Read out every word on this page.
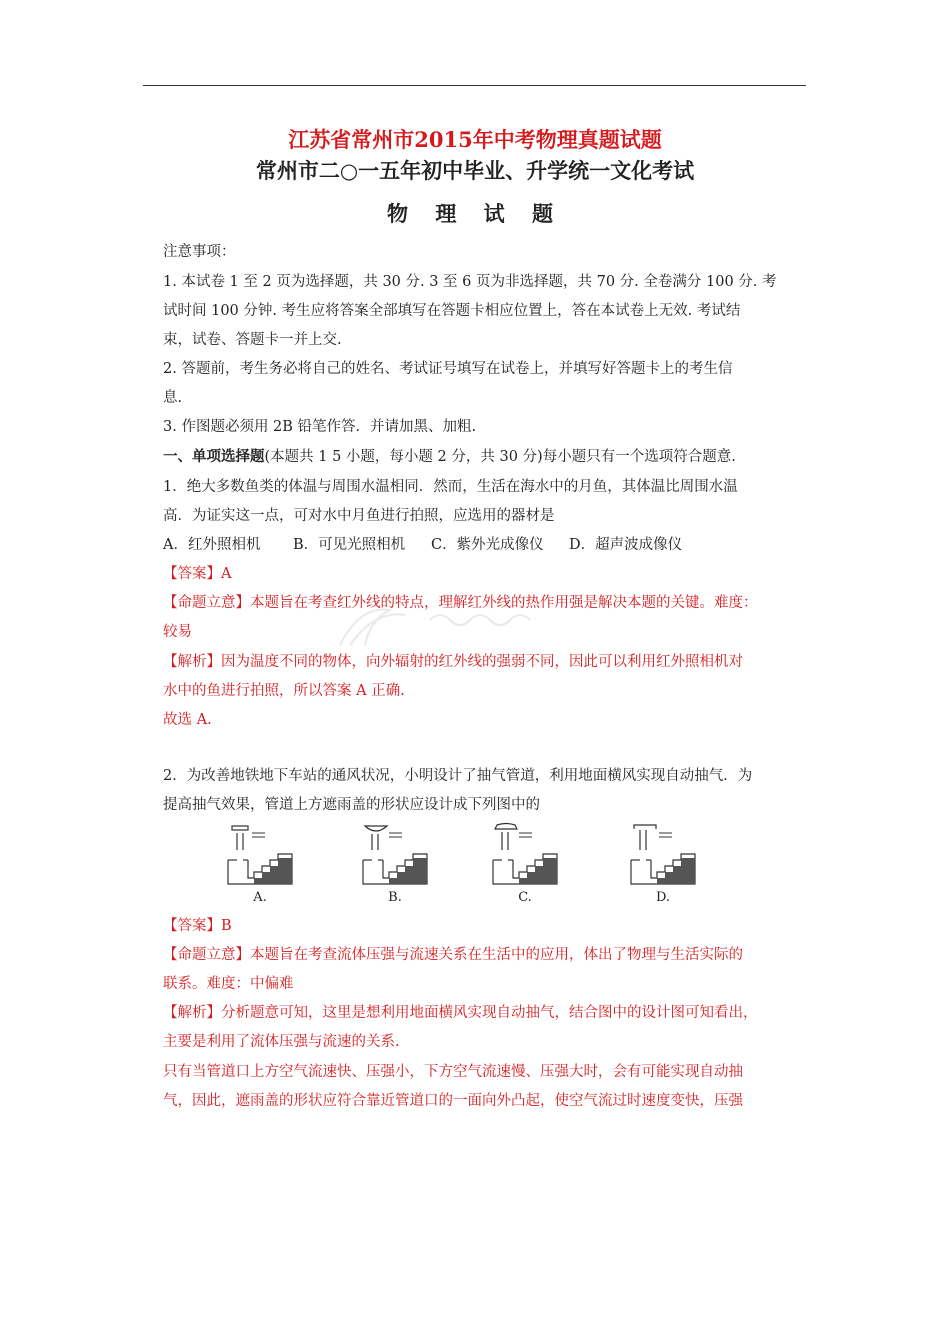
江苏省常州市2015年中考物理真题试题
常州市二○一五年初中毕业、升学统一文化考试
物 理 试 题
注意事项：
1. 本试卷 1 至 2 页为选择题，共 30 分. 3 至 6 页为非选择题，共 70 分. 全卷满分 100 分. 考
试时间 100 分钟. 考生应将答案全部填写在答题卡相应位置上，答在本试卷上无效. 考试结
束，试卷、答题卡一并上交.
2. 答题前，考生务必将自己的姓名、考试证号填写在试卷上，并填写好答题卡上的考生信
息.
3. 作图题必须用 2B 铅笔作答．并请加黑、加粗.
一、单项选择题(本题共 1 5 小题，每小题 2 分，共 30 分)每小题只有一个选项符合题意.
1．绝大多数鱼类的体温与周围水温相同．然而，生活在海水中的月鱼，其体温比周围水温
高．为证实这一点，可对水中月鱼进行拍照，应选用的器材是
A．红外照相机 B．可见光照相机 C．紫外光成像仪 D．超声波成像仪
【答案】A
【命题立意】本题旨在考查红外线的特点，理解红外线的热作用强是解决本题的关键。难度：
较易
【解析】因为温度不同的物体，向外辐射的红外线的强弱不同，因此可以利用红外照相机对
水中的鱼进行拍照，所以答案 A 正确.
故选 A.
2．为改善地铁地下车站的通风状况，小明设计了抽气管道，利用地面横风实现自动抽气．为
提高抽气效果，管道上方遮雨盖的形状应设计成下列图中的
A.	B.	C.	D.
【答案】B
【命题立意】本题旨在考查流体压强与流速关系在生活中的应用，体出了物理与生活实际的
联系。难度：中偏难
【解析】分析题意可知，这里是想利用地面横风实现自动抽气，结合图中的设计图可知看出，
主要是利用了流体压强与流速的关系.
只有当管道口上方空气流速快、压强小，下方空气流速慢、压强大时，会有可能实现自动抽
气，因此，遮雨盖的形状应符合靠近管道口的一面向外凸起，使空气流过时速度变快，压强
